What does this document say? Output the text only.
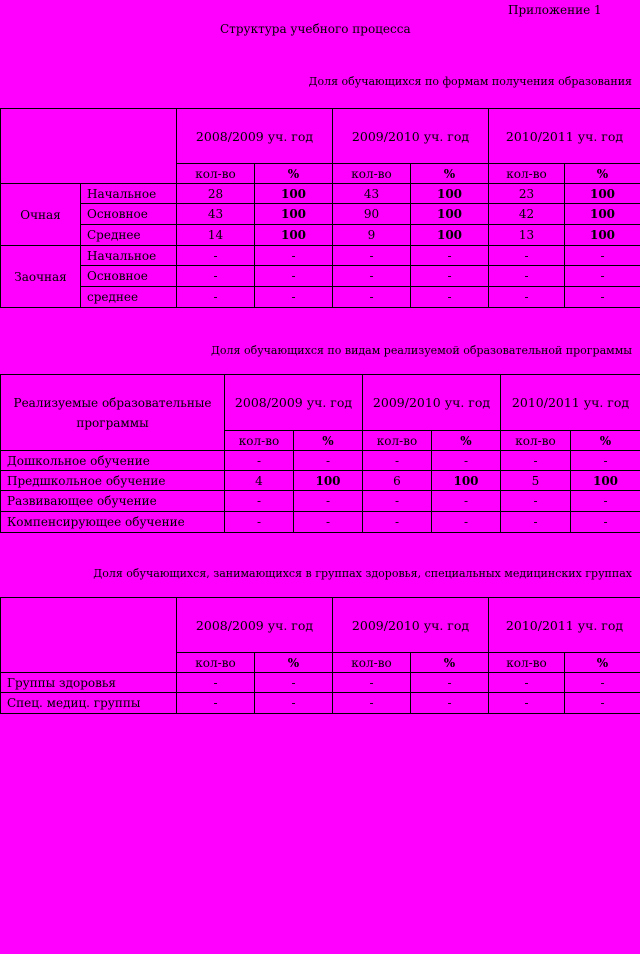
Приложение 1
Структура учебного процесса
Доля обучающихся по формам получения образования
		2008/2009 уч. год		2009/2010 уч. год		2010/2011 уч. год	
		кол-во	%	кол-во	%	кол-во	%
Очная	Начальное	28	100	43	100	23	100
	Основное	43	100	90	100	42	100
	Среднее	14	100	9	100	13	100
Заочная	Начальное	-	-	-	-	-	-
	Основное	-	-	-	-	-	-
	среднее	-	-	-	-	-	-
Доля обучающихся по видам реализуемой образовательной программы
Реализуемые образовательные программы	2008/2009 уч. год		2009/2010 уч. год		2010/2011 уч. год	
	кол-во	%	кол-во	%	кол-во	%
Дошкольное обучение	-	-	-	-	-	-
Предшкольное обучение	4	100	6	100	5	100
Развивающее обучение	-	-	-	-	-	-
Компенсирующее обучение	-	-	-	-	-	-
Доля обучающихся, занимающихся в группах здоровья, специальных медицинских группах
	2008/2009 уч. год		2009/2010 уч. год		2010/2011 уч. год	
	кол-во	%	кол-во	%	кол-во	%
Группы здоровья	-	-	-	-	-	-
Спец. медиц. группы	-	-	-	-	-	-
